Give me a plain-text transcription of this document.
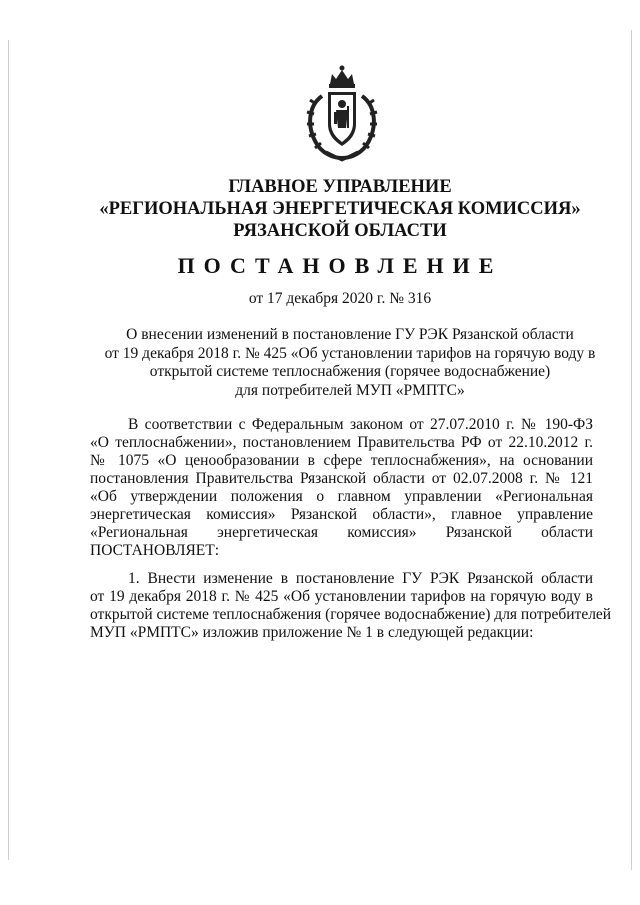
ГЛАВНОЕ УПРАВЛЕНИЕ
«РЕГИОНАЛЬНАЯ ЭНЕРГЕТИЧЕСКАЯ КОМИССИЯ»
РЯЗАНСКОЙ ОБЛАСТИ
ПОСТАНОВЛЕНИЕ
от 17 декабря 2020 г. № 316
О внесении изменений в постановление ГУ РЭК Рязанской области
от 19 декабря 2018 г. № 425 «Об установлении тарифов на горячую воду в
открытой системе теплоснабжения (горячее водоснабжение)
для потребителей МУП «РМПТС»
В соответствии с Федеральным законом от 27.07.2010 г. № 190-ФЗ
«О теплоснабжении», постановлением Правительства РФ от 22.10.2012 г.
№ 1075 «О ценообразовании в сфере теплоснабжения», на основании
постановления Правительства Рязанской области от 02.07.2008 г. № 121
«Об утверждении положения о главном управлении «Региональная
энергетическая комиссия» Рязанской области», главное управление
«Региональная энергетическая комиссия» Рязанской области
ПОСТАНОВЛЯЕТ:
1. Внести изменение в постановление ГУ РЭК Рязанской области
от 19 декабря 2018 г. № 425 «Об установлении тарифов на горячую воду в
открытой системе теплоснабжения (горячее водоснабжение) для потребителей
МУП «РМПТС» изложив приложение № 1 в следующей редакции:
